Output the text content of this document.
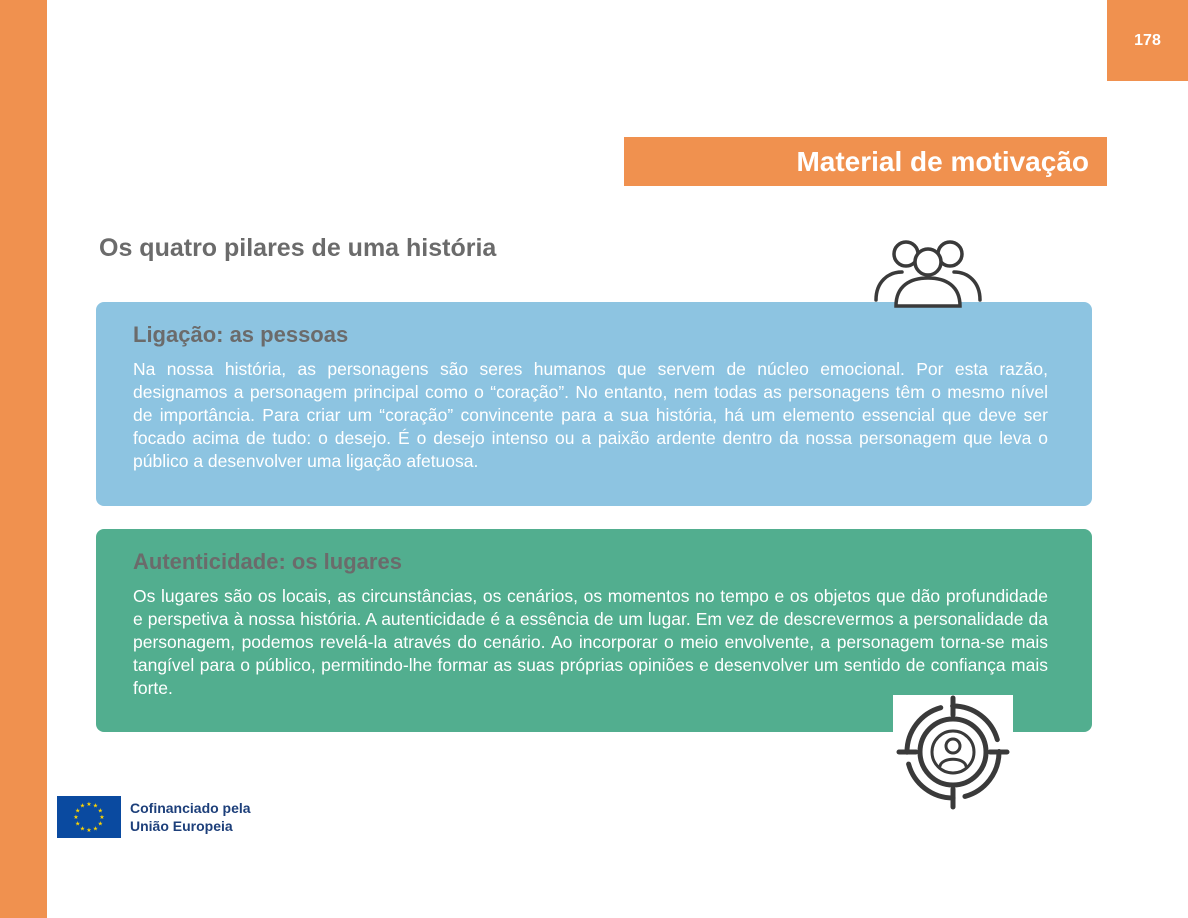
178
Material de motivação
Os quatro pilares de uma história

Ligação: as pessoas

Na nossa história, as personagens são seres humanos que servem de núcleo emocional. Por esta razão, designamos a personagem principal como o “coração”. No entanto, nem todas as personagens têm o mesmo nível de importância. Para criar um “coração” convincente para a sua história, há um elemento essencial que deve ser focado acima de tudo: o desejo. É o desejo intenso ou a paixão ardente dentro da nossa personagem que leva o público a desenvolver uma ligação afetuosa.

Autenticidade: os lugares

Os lugares são os locais, as circunstâncias, os cenários, os momentos no tempo e os objetos que dão profundidade e perspetiva à nossa história. A autenticidade é a essência de um lugar. Em vez de descrevermos a personalidade da personagem, podemos revelá-la através do cenário. Ao incorporar o meio envolvente, a personagem torna-se mais tangível para o público, permitindo-lhe formar as suas próprias opiniões e desenvolver um sentido de confiança mais forte.

★ ★
★
★
★
★
★
★
★
★
★
★	Cofinanciado pela
União Europeia
